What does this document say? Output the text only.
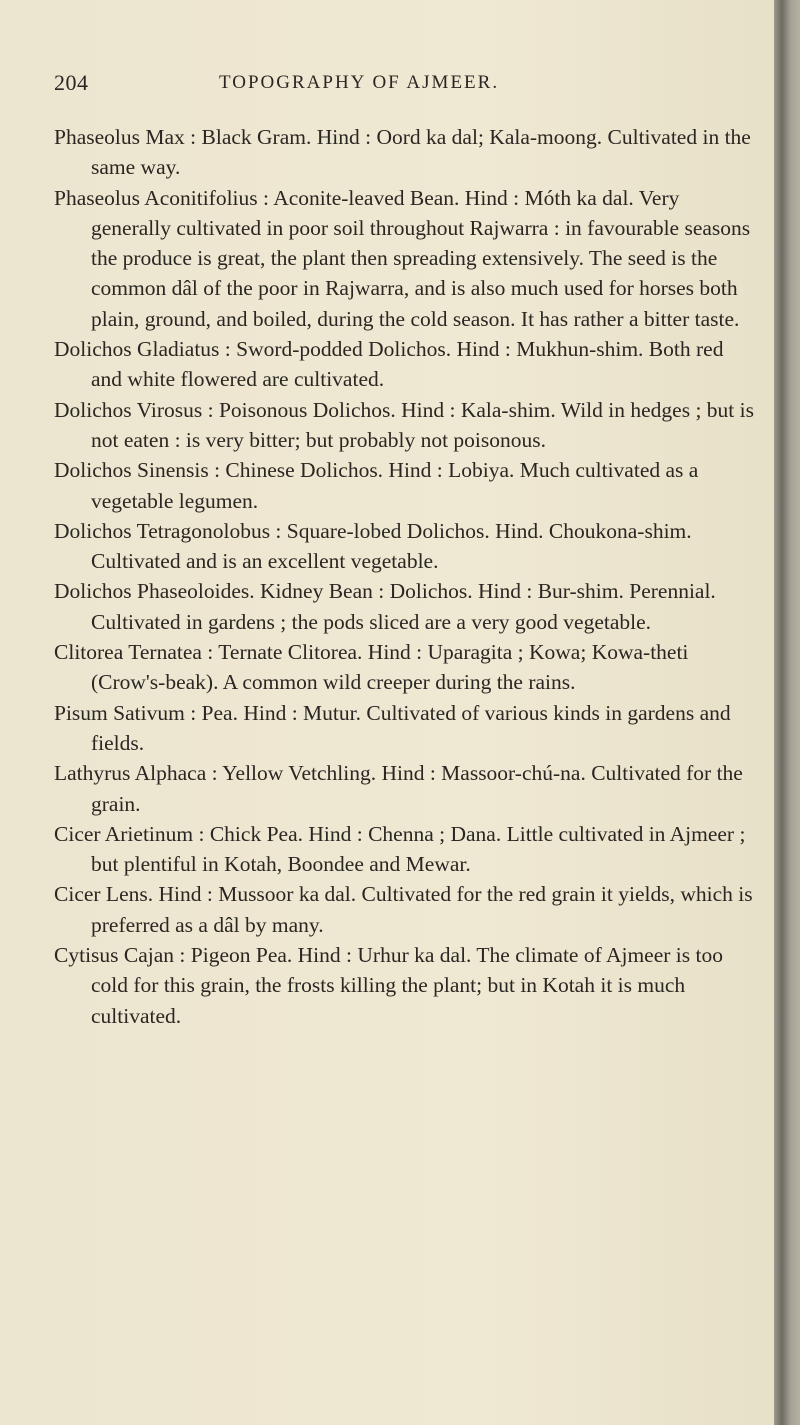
204	TOPOGRAPHY OF AJMEER.

Phaseolus Max : Black Gram. Hind : Oord ka dal; Kala-moong. Cultivated in the same way.

Phaseolus Aconitifolius : Aconite-leaved Bean. Hind : Móth ka dal. Very generally cultivated in poor soil throughout Rajwarra : in favourable seasons the produce is great, the plant then spreading extensively. The seed is the common dâl of the poor in Rajwarra, and is also much used for horses both plain, ground, and boiled, during the cold season. It has rather a bitter taste.

Dolichos Gladiatus : Sword-podded Dolichos. Hind : Mukhun-shim. Both red and white flowered are cultivated.

Dolichos Virosus : Poisonous Dolichos. Hind : Kala-shim. Wild in hedges ; but is not eaten : is very bitter; but probably not poisonous.

Dolichos Sinensis : Chinese Dolichos. Hind : Lobiya. Much cultivated as a vegetable legumen.

Dolichos Tetragonolobus : Square-lobed Dolichos. Hind. Choukona-shim. Cultivated and is an excellent vegetable.

Dolichos Phaseoloides. Kidney Bean : Dolichos. Hind : Bur-shim. Perennial. Cultivated in gardens ; the pods sliced are a very good vegetable.

Clitorea Ternatea : Ternate Clitorea. Hind : Uparagita ; Kowa; Kowa-theti (Crow's-beak). A common wild creeper during the rains.

Pisum Sativum : Pea. Hind : Mutur. Cultivated of various kinds in gardens and fields.

Lathyrus Alphaca : Yellow Vetchling. Hind : Massoor-chú-na. Cultivated for the grain.

Cicer Arietinum : Chick Pea. Hind : Chenna ; Dana. Little cultivated in Ajmeer ; but plentiful in Kotah, Boondee and Mewar.

Cicer Lens. Hind : Mussoor ka dal. Cultivated for the red grain it yields, which is preferred as a dâl by many.

Cytisus Cajan : Pigeon Pea. Hind : Urhur ka dal. The climate of Ajmeer is too cold for this grain, the frosts killing the plant; but in Kotah it is much cultivated.
